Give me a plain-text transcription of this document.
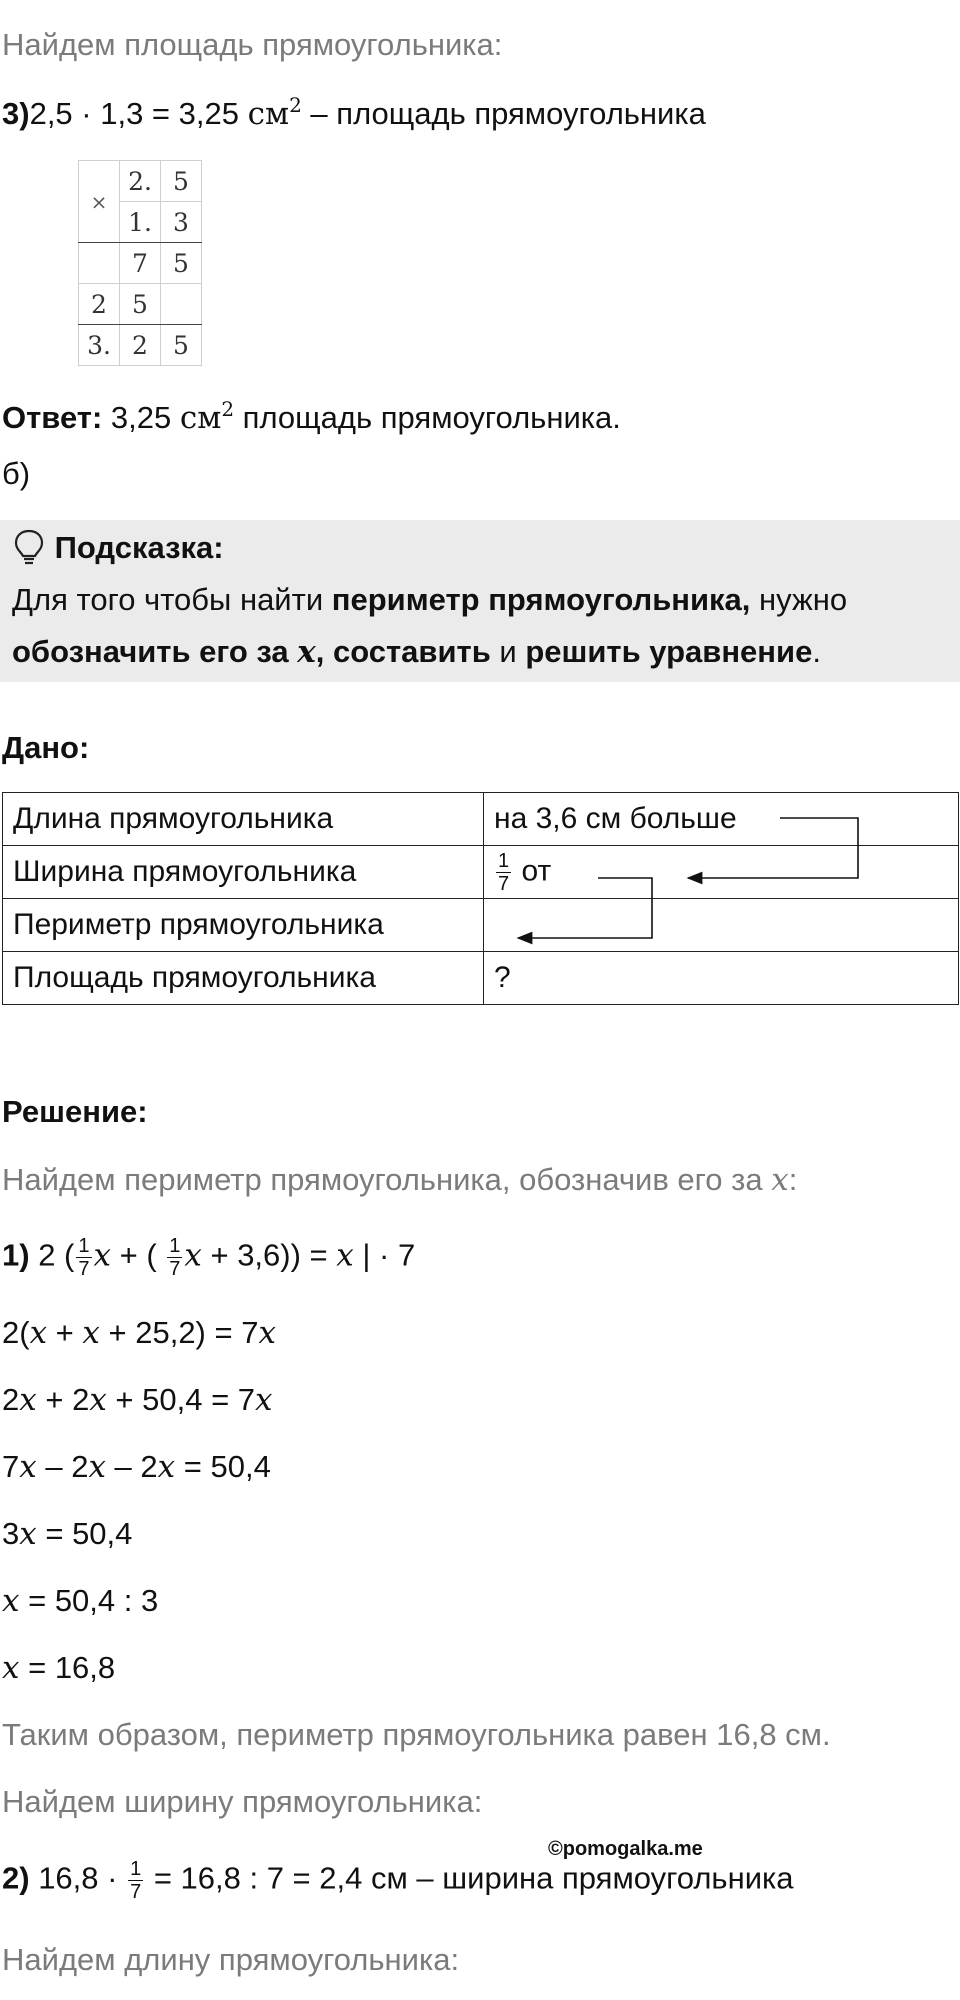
Найдем площадь прямоугольника:
3)2,5 · 1,3 = 3,25 $см^2$ – площадь прямоугольника
×	2.	5
	1.	3
	7	5
2	5	
3.	2	5
Ответ: 3,25 $см^2$ площадь прямоугольника.
б)
Подсказка:
Для того чтобы найти периметр прямоугольника, нужно
обозначить его за x, составить и решить уравнение.
Дано:
Длина прямоугольника	на 3,6 см больше
Ширина прямоугольника	$\frac{1}{7}$ от
Периметр прямоугольника	
Площадь прямоугольника	?
Решение:
Найдем периметр прямоугольника, обозначив его за x:
1) 2 ( $\frac{1}{7}$ x + ( $\frac{1}{7}$ x + 3,6)) = x | · 7
2(x + x + 25,2) = 7x
2x + 2x + 50,4 = 7x
7x – 2x – 2x = 50,4
3x = 50,4
x = 50,4 : 3
x = 16,8
Таким образом, периметр прямоугольника равен 16,8 см.
Найдем ширину прямоугольника:
©pomogalka.me
2) $16,8 \cdot \frac{1}{7} = 16,8$ : 7 = 2,4 см – ширина прямоугольника
Найдем длину прямоугольника:
